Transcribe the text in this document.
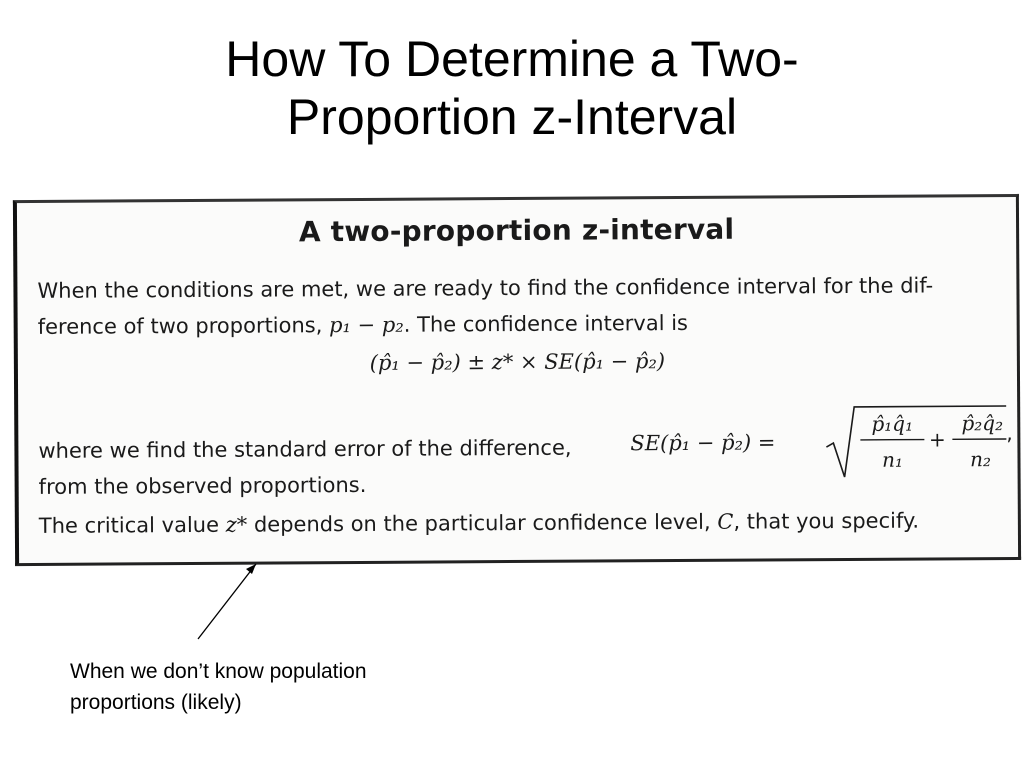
How To Determine a Two-
Proportion z-Interval
A two-proportion z-interval
When the conditions are met, we are ready to find the confidence interval for the dif-
ference of two proportions, p₁ − p₂. The confidence interval is
(p̂₁ − p̂₂) ± z* × SE(p̂₁ − p̂₂)
where we find the standard error of the difference,
from the observed proportions.
SE(p̂₁ − p̂₂) =
p̂₁q̂₁
n₁
+
p̂₂q̂₂
n₂
,
The critical value z* depends on the particular confidence level, C, that you specify.
When we don’t know population
proportions (likely)
